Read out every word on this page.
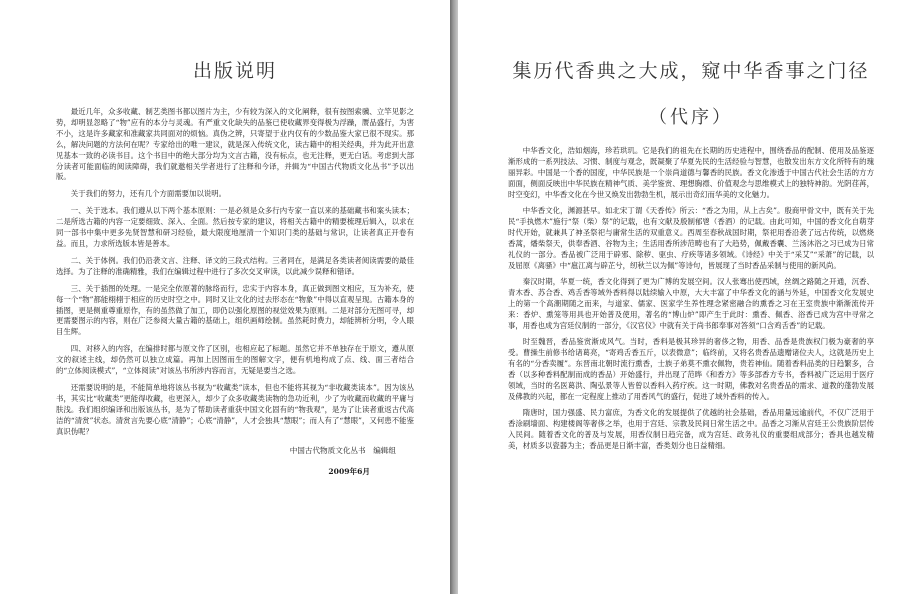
出版说明

最近几年，众多收藏、制艺类图书都以图片为主，少有较为深入的文化阐释，很有按图索骥、立竿见影之势，却明显忽略了“物”应有的本分与灵魂。有严重文化缺失的品鉴已使收藏界变得极为浮躁，赝品盛行，为害不小，这是许多藏家和准藏家共同面对的烦恼。真伪之辨，只寄望于业内仅有的少数品鉴大家已很不现实。那么，解决问题的方法何在呢？专家给出的唯一建议，就是深入传统文化，读古籍中的相关经典，并为此开出意见基本一致的必读书目。这个书目中的绝大部分均为文言古籍，没有标点，也无注释，更无白话。考虑到大部分读者可能面临的阅读障碍，我们就邀相关学者进行了注释和今译，并辑为“中国古代物质文化丛书”予以出版。

关于我们的努力，还有几个方面需要加以说明。

一、关于选本。我们遵从以下两个基本原则：一是必须是众多行内专家一直以来的基础藏书和案头读本；二是所选古籍的内容一定要细致、深入、全面。然后按专家的建议，将相关古籍中的精要梳理后辑入，以求在同一部书中集中更多先贤智慧和研习经验，最大限度地厘清一个知识门类的基础与常识，让读者真正开卷有益。而且，力求所选版本皆是善本。

二、关于体例。我们仍沿袭文言、注释、译文的三段式结构。三者同在，是满足各类读者阅读需要的最佳选择。为了注释的准确精雅，我们在编辑过程中进行了多次交叉审读，以此减少误释和错译。

三、关于插图的处理。一是完全依原著的脉络而行，忠实于内容本身，真正做到图文相应，互为补充，使每一个“物”都能栩栩于相应的历史时空之中。同时又让文化的过去形态在“物象”中得以直观呈现。古籍本身的插图，更是侧重尊重原作，有的虽然做了加工，即仍以强化原图的视觉效果为原则。二是对部分无图可寻，却更需要图示的内容，则在广泛参阅大量古籍的基础上，组织画师绘制。虽然耗时费力，却能辨析分明，令人眼目生辉。

四、对移入的内容，在编排时都与原文作了区别，也相应起了标题。虽然它并不单独存在于原文，遵从原文的叙述主线，却仍然可以独立成篇。再加上因图而生的图解文字，便有机地构成了点、线、面三者结合的“立体阅读模式”，“立体阅读”对该丛书所涉内容而言，无疑是要当之选。

还需要说明的是，不能简单地将该丛书视为“收藏类”读本，但也不能将其视为“非收藏类读本”。因为该丛书，其实比“收藏类”更能得收藏，也更深入，却少了众多收藏类读物的急功近利，少了为收藏而收藏的平庸与肤浅。我们组织编译和出版该丛书，是为了帮助读者重获中国文化固有的“物我观”，是为了让读者重返古代高洁的“清赏”状态。清赏言先要心底“清静”；心底“清静”，人才会独具“慧眼”；而人有了“慧眼”，又何患不能鉴真识伪呢？

中国古代物质文化丛书　编辑组
2009年6月
集历代香典之大成，窥中华香事之门径
（代序）

中华香文化，浩如烟海，珍若珙玑。它是我们的祖先在长期的历史进程中，围绕香品的配制、使用及品鉴逐渐形成的一系列技法、习惯、制度与观念，既凝聚了华夏先民的生活经验与智慧，也散发出东方文化所特有的瑰丽异彩。中国是一个香的国度，中华民族是一个崇尚道德与馨香的民族。香文化渗透于中国古代社会生活的方方面面，侧面反映出中华民族在精神气质、美学鉴赏、理想胸襟、价值观念与思维模式上的独特神韵。光阴荏苒，时空变幻，中华香文化在今世又焕发出勃勃生机，展示出奇幻而华美的文化魅力。

中华香文化，渊源甚早。如北宋丁谓《天香传》所云：“香之为用，从上古矣”。殷商甲骨文中，既有关于先民“手执燃木”施行“祭（柴）祭”的记载，也有文献及殷制郁鬯（香酒）的记载。由此可知，中国的香文化自萌芽时代开始，就兼具了神圣祭祀与庸常生活的双重意义。西周至春秋战国时期，祭祀用香沿袭了远古传统，以燃烧香蒿，燔柴祭天，供奉香酒、谷物为主；生活用香所涉范畴也有了大趋势，佩戴香囊、兰汤沐浴之习已成为日常礼仪的一部分。香品被广泛用于辟邪、除秽、驱虫、疗疾等诸多领域。《诗经》中关于“采艾”“采萧”的记载，以及屈原《离骚》中“扈江离与辟芷兮，纫秋兰以为佩”等诗句，皆展现了当时香品采制与使用的新风尚。

秦汉时期，华夏一统，香文化得到了更为广博的发展空间。汉人张骞出使西域，丝绸之路随之开通，沉香、青木香、苏合香、鸡舌香等域外香料得以陆续输入中原，大大丰富了中华香文化的涵与外延，中国香文化发展史上的第一个高潮期随之而来，与道家、儒家、医家学生养性理念紧密融合的熏香之习在王室贵族中渐渐流传开来：香炉、熏笼等用具也开始普及使用，著名的“博山炉”即产生于此时：熏香、佩香、浴香已成为宫中寻常之事，用香也成为宫廷仪制的一部分，《汉官仪》中就有关于尚书郎奉事对答须“口含鸡舌香”的记载。

时至魏晋，香品鉴赏渐成风气。当时，香料是极其珍异的奢侈之物，用香、品香是贵族权门极为豪奢的享受。曹操生前修书给诸葛亮，“寄鸡舌香五斤，以表微意”；临终前，又将名贵香品遗赠诸位夫人，这就是历史上有名的“分香卖履”。东晋南北朝时流行熏香，士族子弟莫不熏衣佩物，贵若神仙。随着香料品类的日趋繁多，合香（以多种香料配制而成的香品）开始盛行，并出现了范晔《和香方》等多部香方专书，香料被广泛运用于医疗领域，当时的名医葛洪、陶弘景等人皆曾以香料入药疗疾。这一时期，佛教对名贵香品的需求、道教的蓬勃发展及佛教的兴起，都在一定程度上推动了用香风气的盛行，促进了域外香料的传入。

隋唐时，国力强盛、民力富庶，为香文化的发展提供了优越的社会基础，香品用量远逾前代，不仅广泛用于香涂刷墙面、构建楼阁等奢侈之举，也用于宫廷、宗教及民间日常生活之中。品香之习渐从宫廷王公贵族阶层传入民间。随着香文化的普及与发展，用香仪制日趋完备，成为宫廷、政务礼仪的重要组成部分；香具也越发精美，材质多以瓷器为主；香品更是日渐丰富，香类划分也日益精细。
